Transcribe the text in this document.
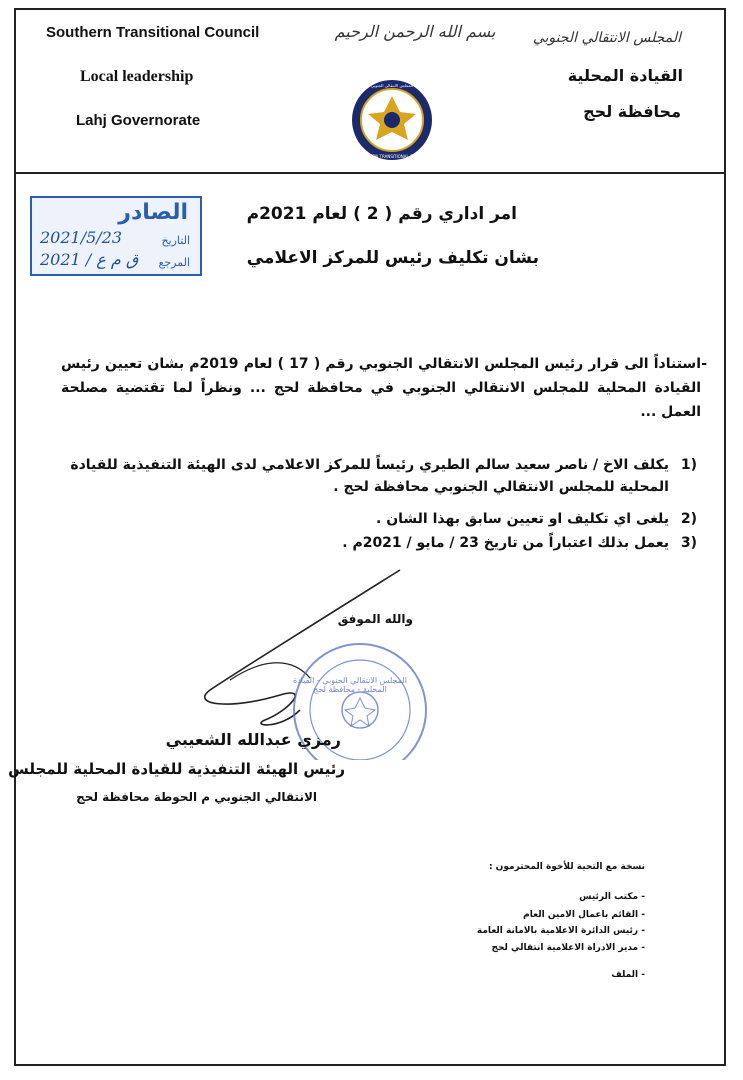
Southern Transitional Council
Local leadership
Lahj Governorate
بسم الله الرحمن الرحيم	المجلس الانتقالي الجنوبي
القيادة المحلية
محافظة لحج
SOUTHERN TRANSITIONAL COUNCIL
المجلس الانتقالي الجنوبي
الصادر
التاريخ
2021/5/23
المرجع
ق م ع / 2021
امر اداري رقم ( 2 ) لعام 2021م
بشان تكليف رئيس للمركز الاعلامي
-
استناداً الى قرار رئيس المجلس الانتقالي الجنوبي رقم ( 17 ) لعام 2019م بشان تعيين رئيس القيادة المحلية للمجلس الانتقالي الجنوبي في محافظة لحج ... ونظراً لما تقتضية مصلحة العمل ...
1)
يكلف الاخ / ناصر سعيد سالم الطيري رئيساً للمركز الاعلامي لدى الهيئة التنفيذية للقيادة المحلية للمجلس الانتقالي الجنوبي محافظة لحج .
2)
يلغى اي تكليف او تعيين سابق بهذا الشان .
3)
يعمل بذلك اعتباراً من تاريخ 23 / مايو / 2021م .
والله الموفق
المجلس الانتقالي الجنوبي - القيادة المحلية - محافظة لحج
رمزي عبدالله الشعيبي
رئيس الهيئة التنفيذية للقيادة المحلية للمجلس
الانتقالي الجنوبي م الحوطة محافظة لحج
نسخة مع التحية للأخوة المحترمون :
- مكتب الرئيس
- القائم باعمال الامين العام
- رئيس الدائرة الاعلامية بالامانة العامة
- مدير الادراة الاعلامية انتقالي لحج
- الملف
